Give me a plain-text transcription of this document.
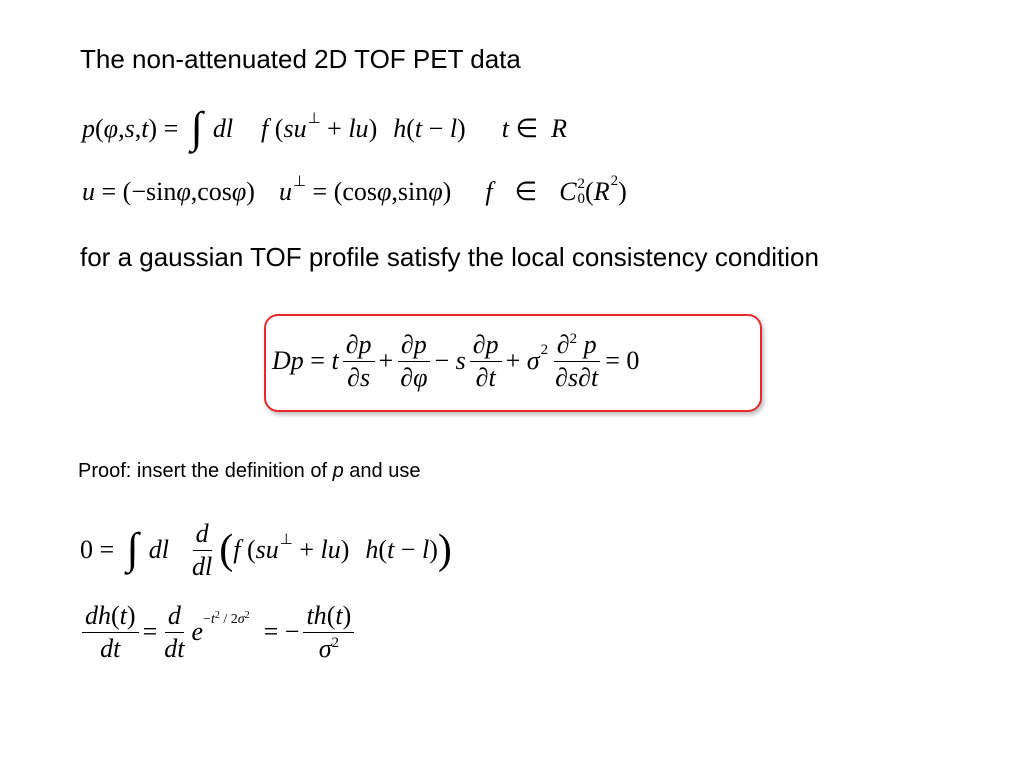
The non-attenuated 2D TOF PET data
p ( φ , s , t ) = ∫ dl f ( su ⊥ + lu ) h ( t − l ) t ∈ R
u = (−sin φ ,cos φ ) u ⊥ = (cos φ ,sin φ ) f ∈ C 2
0 ( R 2 )
for a gaussian TOF profile satisfy the local consistency condition
Dp = t $\frac{\partial p}{\partial s} + \frac{\partial p}{\partial\varphi} - s \frac{\partial p}{\partial t} + \sigma$ $2 \frac{\partial^2 p}{\partial s\partial t} = 0$
Proof: insert the definition of p and use
0 = ∫ dl $\frac{d}{dl}$ ( f ( su ⊥ + lu ) h ( t − l ) )
$\frac{dh(t)}{dt} = \frac{d}{dt}$ $e -t^2 / 2\sigma^2$
= − $\frac{th(t)}{\sigma^2}$
